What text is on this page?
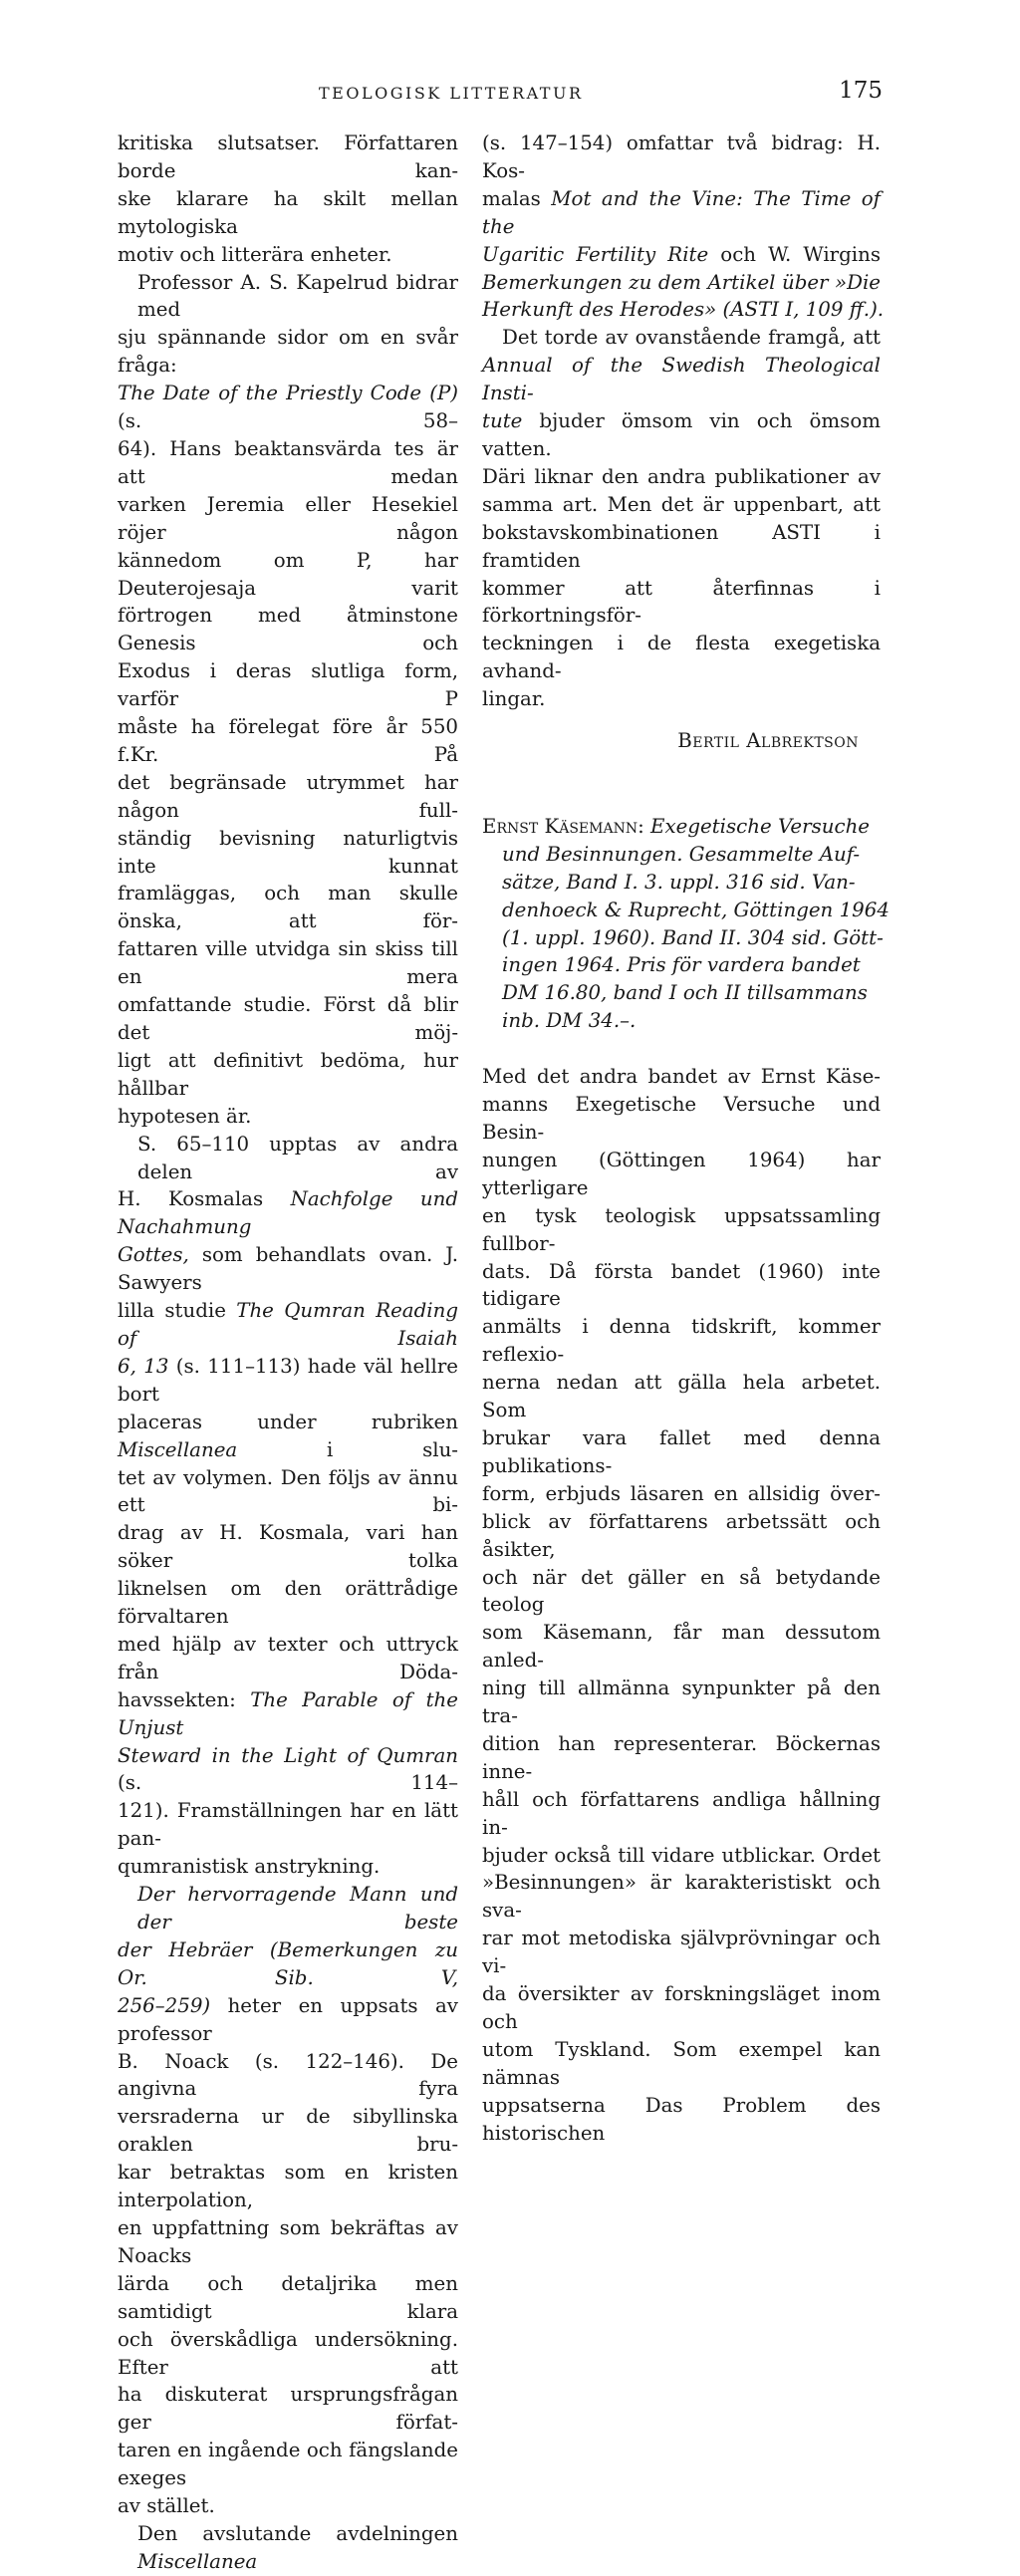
TEOLOGISK LITTERATUR	175
kritiska slutsatser. Författaren borde kan-
ske klarare ha skilt mellan mytologiska
motiv och litterära enheter.
Professor A. S. Kapelrud bidrar med
sju spännande sidor om en svår fråga:
The Date of the Priestly Code (P) (s. 58–
64). Hans beaktansvärda tes är att medan
varken Jeremia eller Hesekiel röjer någon
kännedom om P, har Deuterojesaja varit
förtrogen med åtminstone Genesis och
Exodus i deras slutliga form, varför P
måste ha förelegat före år 550 f.Kr. På
det begränsade utrymmet har någon full-
ständig bevisning naturligtvis inte kunnat
framläggas, och man skulle önska, att för-
fattaren ville utvidga sin skiss till en mera
omfattande studie. Först då blir det möj-
ligt att definitivt bedöma, hur hållbar
hypotesen är.
S. 65–110 upptas av andra delen av
H. Kosmalas Nachfolge und Nachahmung
Gottes, som behandlats ovan. J. Sawyers
lilla studie The Qumran Reading of Isaiah
6, 13 (s. 111–113) hade väl hellre bort
placeras under rubriken Miscellanea i slu-
tet av volymen. Den följs av ännu ett bi-
drag av H. Kosmala, vari han söker tolka
liknelsen om den orättrådige förvaltaren
med hjälp av texter och uttryck från Döda-
havssekten: The Parable of the Unjust
Steward in the Light of Qumran (s. 114–
121). Framställningen har en lätt pan-
qumranistisk anstrykning.
Der hervorragende Mann und der beste
der Hebräer (Bemerkungen zu Or. Sib. V,
256–259) heter en uppsats av professor
B. Noack (s. 122–146). De angivna fyra
versraderna ur de sibyllinska oraklen bru-
kar betraktas som en kristen interpolation,
en uppfattning som bekräftas av Noacks
lärda och detaljrika men samtidigt klara
och överskådliga undersökning. Efter att
ha diskuterat ursprungsfrågan ger förfat-
taren en ingående och fängslande exeges
av stället.
Den avslutande avdelningen Miscellanea
(s. 147–154) omfattar två bidrag: H. Kos-
malas Mot and the Vine: The Time of the
Ugaritic Fertility Rite och W. Wirgins
Bemerkungen zu dem Artikel über »Die
Herkunft des Herodes» (ASTI I, 109 ff.).
Det torde av ovanstående framgå, att
Annual of the Swedish Theological Insti-
tute bjuder ömsom vin och ömsom vatten.
Däri liknar den andra publikationer av
samma art. Men det är uppenbart, att
bokstavskombinationen ASTI i framtiden
kommer att återfinnas i förkortningsför-
teckningen i de flesta exegetiska avhand-
lingar.
Bertil Albrektson
Ernst Käsemann: Exegetische Versuche
und Besinnungen. Gesammelte Auf-
sätze, Band I. 3. uppl. 316 sid. Van-
denhoeck & Ruprecht, Göttingen 1964
(1. uppl. 1960). Band II. 304 sid. Gött-
ingen 1964. Pris för vardera bandet
DM 16.80, band I och II tillsammans
inb. DM 34.–.
Med det andra bandet av Ernst Käse-
manns Exegetische Versuche und Besin-
nungen (Göttingen 1964) har ytterligare
en tysk teologisk uppsatssamling fullbor-
dats. Då första bandet (1960) inte tidigare
anmälts i denna tidskrift, kommer reflexio-
nerna nedan att gälla hela arbetet. Som
brukar vara fallet med denna publikations-
form, erbjuds läsaren en allsidig över-
blick av författarens arbetssätt och åsikter,
och när det gäller en så betydande teolog
som Käsemann, får man dessutom anled-
ning till allmänna synpunkter på den tra-
dition han representerar. Böckernas inne-
håll och författarens andliga hållning in-
bjuder också till vidare utblickar. Ordet
»Besinnungen» är karakteristiskt och sva-
rar mot metodiska självprövningar och vi-
da översikter av forskningsläget inom och
utom Tyskland. Som exempel kan nämnas
uppsatserna Das Problem des historischen
